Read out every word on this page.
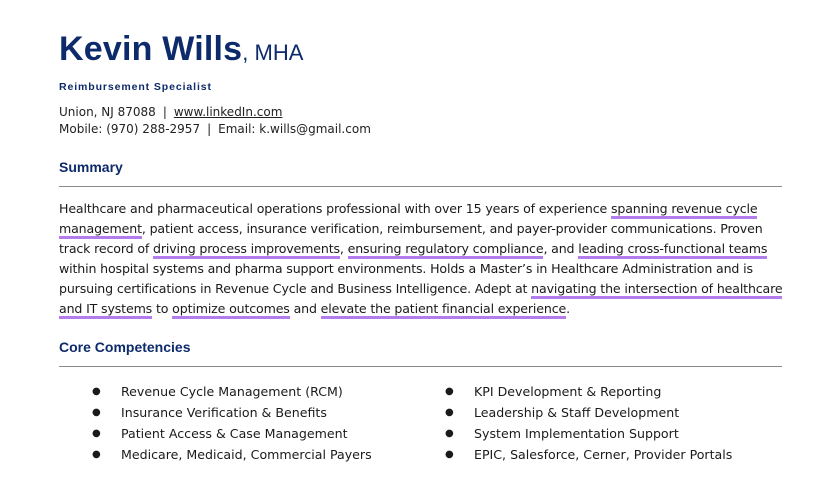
Kevin Wills, MHA
Reimbursement Specialist
Union, NJ 87088 | www.linkedIn.com
Mobile: (970) 288-2957 | Email: k.wills@gmail.com
Summary
Healthcare and pharmaceutical operations professional with over 15 years of experience spanning revenue cycle management, patient access, insurance verification, reimbursement, and payer-provider communications. Proven track record of driving process improvements, ensuring regulatory compliance, and leading cross-functional teams within hospital systems and pharma support environments. Holds a Master’s in Healthcare Administration and is pursuing certifications in Revenue Cycle and Business Intelligence. Adept at navigating the intersection of healthcare and IT systems to optimize outcomes and elevate the patient financial experience.
Core Competencies
● Revenue Cycle Management (RCM)
● Insurance Verification & Benefits
● Patient Access & Case Management
● Medicare, Medicaid, Commercial Payers
● KPI Development & Reporting
● Leadership & Staff Development
● System Implementation Support
● EPIC, Salesforce, Cerner, Provider Portals
